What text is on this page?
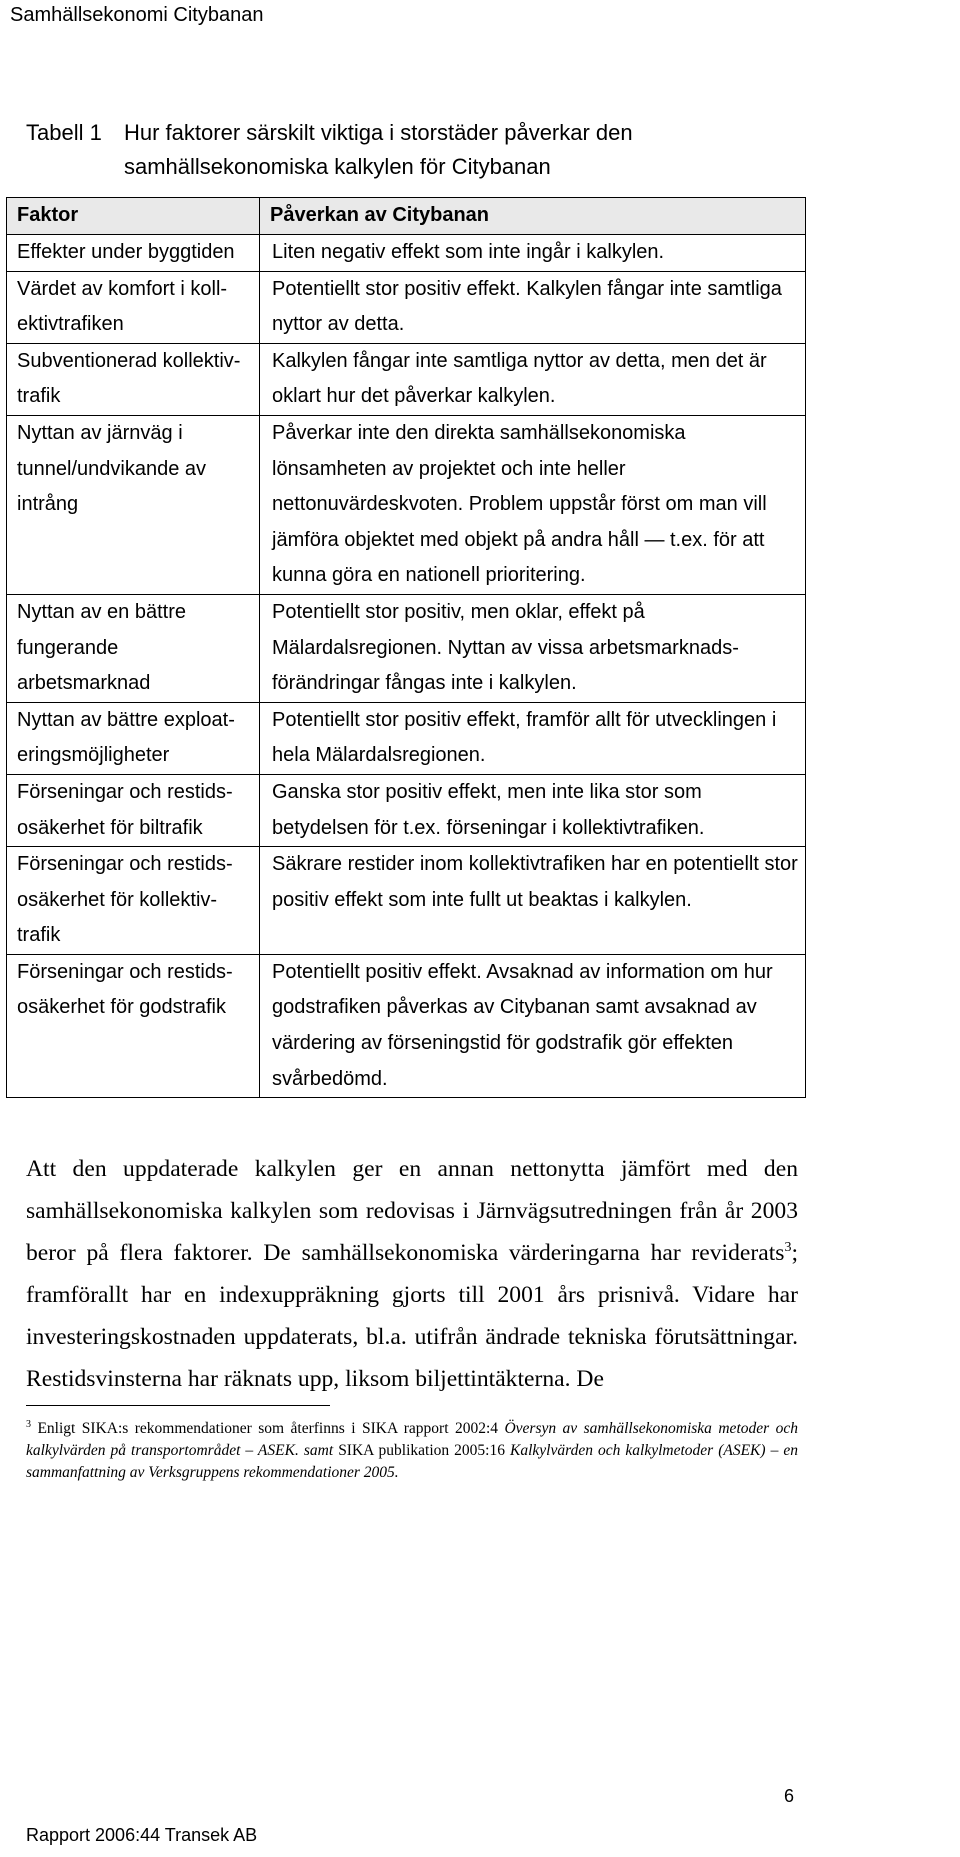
Samhällsekonomi Citybanan
Tabell 1	Hur faktorer särskilt viktiga i storstäder påverkar den samhällsekonomiska kalkylen för Citybanan
Faktor	Påverkan av Citybanan
Effekter under byggtiden	Liten negativ effekt som inte ingår i kalkylen.
Värdet av komfort i koll-ektivtrafiken	Potentiellt stor positiv effekt. Kalkylen fångar inte samtliga nyttor av detta.
Subventionerad kollektiv-trafik	Kalkylen fångar inte samtliga nyttor av detta, men det är oklart hur det påverkar kalkylen.
Nyttan av järnväg i tunnel/undvikande av intrång	Påverkar inte den direkta samhällsekonomiska lönsamheten av projektet och inte heller nettonuvärdeskvoten. Problem uppstår först om man vill jämföra objektet med objekt på andra håll — t.ex. för att kunna göra en nationell prioritering.
Nyttan av en bättre fungerande arbetsmarknad	Potentiellt stor positiv, men oklar, effekt på Mälardalsregionen. Nyttan av vissa arbetsmarknads-förändringar fångas inte i kalkylen.
Nyttan av bättre exploat-eringsmöjligheter	Potentiellt stor positiv effekt, framför allt för utvecklingen i hela Mälardalsregionen.
Förseningar och restids-osäkerhet för biltrafik	Ganska stor positiv effekt, men inte lika stor som betydelsen för t.ex. förseningar i kollektivtrafiken.
Förseningar och restids-osäkerhet för kollektiv-trafik	Säkrare restider inom kollektivtrafiken har en potentiellt stor positiv effekt som inte fullt ut beaktas i kalkylen.
Förseningar och restids-osäkerhet för godstrafik	Potentiellt positiv effekt. Avsaknad av information om hur godstrafiken påverkas av Citybanan samt avsaknad av värdering av förseningstid för godstrafik gör effekten svårbedömd.

Att den uppdaterade kalkylen ger en annan nettonytta jämfört med den samhällsekonomiska kalkylen som redovisas i Järnvägsutredningen från år 2003 beror på flera faktorer. De samhällsekonomiska värderingarna har reviderats$^3$; framförallt har en indexuppräkning gjorts till 2001 års prisnivå. Vidare har investeringskostnaden uppdaterats, bl.a. utifrån ändrade tekniska förutsättningar. Restidsvinsterna har räknats upp, liksom biljettintäkterna. De

$^3$ Enligt SIKA:s rekommendationer som återfinns i SIKA rapport 2002:4 Översyn av samhällsekonomiska metoder och kalkylvärden på transportområdet – ASEK. samt SIKA publikation 2005:16 Kalkylvärden och kalkylmetoder (ASEK) – en sammanfattning av Verksgruppens rekommendationer 2005.

6
Rapport 2006:44 Transek AB
